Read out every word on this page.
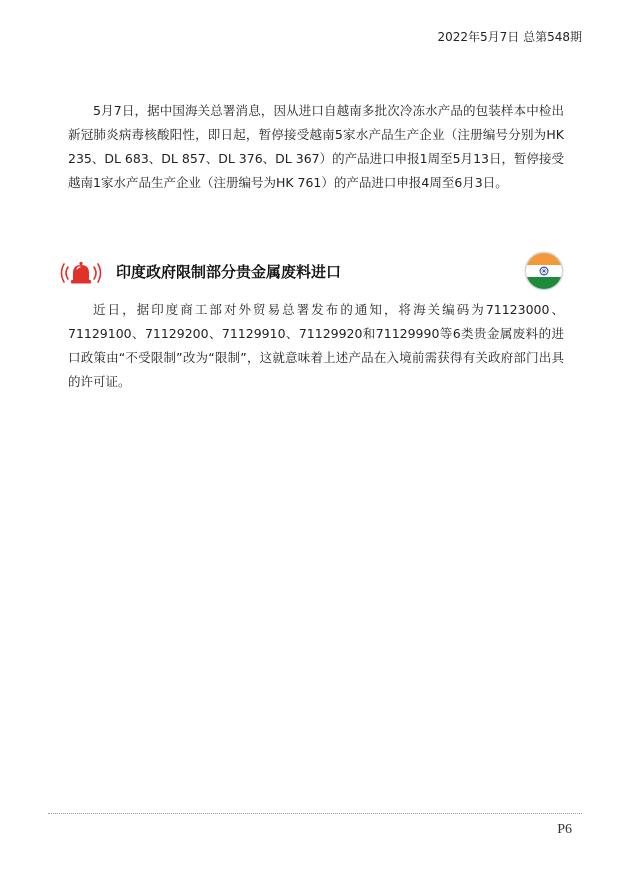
2022年5月7日 总第548期

5月7日，据中国海关总署消息，因从进口自越南多批次冷冻水产品的包装样本中检出新冠肺炎病毒核酸阳性，即日起，暂停接受越南5家水产品生产企业（注册编号分别为HK 235、DL 683、DL 857、DL 376、DL 367）的产品进口申报1周至5月13日，暂停接受越南1家水产品生产企业（注册编号为HK 761）的产品进口申报4周至6月3日。

印度政府限制部分贵金属废料进口

近日，据印度商工部对外贸易总署发布的通知，将海关编码为71123000、71129100、71129200、71129910、71129920和71129990等6类贵金属废料的进口政策由“不受限制”改为“限制”，这就意味着上述产品在入境前需获得有关政府部门出具的许可证。

P6
